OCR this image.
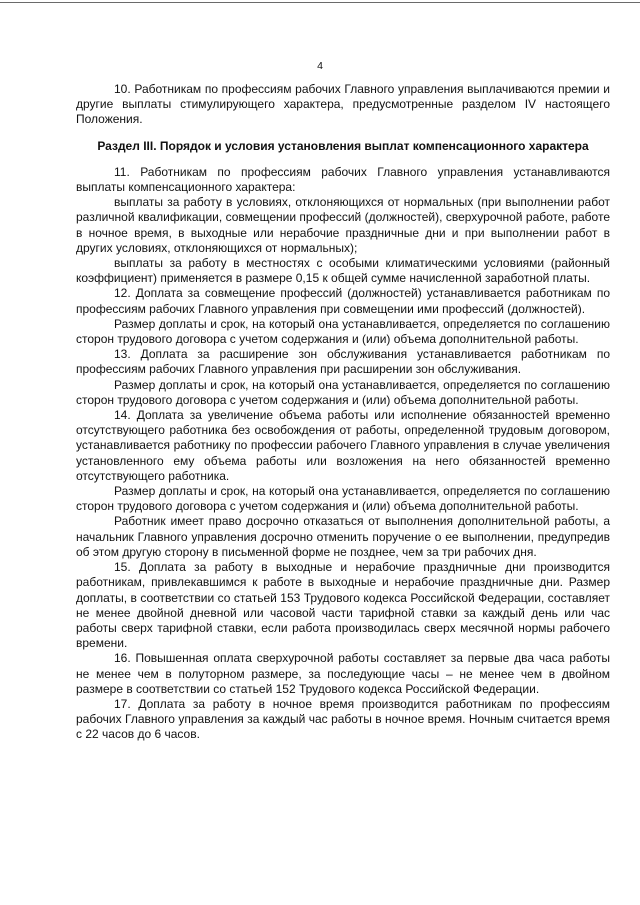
4

10. Работникам по профессиям рабочих Главного управления выплачиваются премии и другие выплаты стимулирующего характера, предусмотренные разделом IV настоящего Положения.

Раздел III. Порядок и условия установления выплат компенсационного характера

11. Работникам по профессиям рабочих Главного управления устанавливаются выплаты компенсационного характера:

выплаты за работу в условиях, отклоняющихся от нормальных (при выполнении работ различной квалификации, совмещении профессий (должностей), сверхурочной работе, работе в ночное время, в выходные или нерабочие праздничные дни и при выполнении работ в других условиях, отклоняющихся от нормальных);

выплаты за работу в местностях с особыми климатическими условиями (районный коэффициент) применяется в размере 0,15 к общей сумме начисленной заработной платы.

12. Доплата за совмещение профессий (должностей) устанавливается работникам по профессиям рабочих Главного управления при совмещении ими профессий (должностей).

Размер доплаты и срок, на который она устанавливается, определяется по соглашению сторон трудового договора с учетом содержания и (или) объема дополнительной работы.

13. Доплата за расширение зон обслуживания устанавливается работникам по профессиям рабочих Главного управления при расширении зон обслуживания.

Размер доплаты и срок, на который она устанавливается, определяется по соглашению сторон трудового договора с учетом содержания и (или) объема дополнительной работы.

14. Доплата за увеличение объема работы или исполнение обязанностей временно отсутствующего работника без освобождения от работы, определенной трудовым договором, устанавливается работнику по профессии рабочего Главного управления в случае увеличения установленного ему объема работы или возложения на него обязанностей временно отсутствующего работника.

Размер доплаты и срок, на который она устанавливается, определяется по соглашению сторон трудового договора с учетом содержания и (или) объема дополнительной работы.

Работник имеет право досрочно отказаться от выполнения дополнительной работы, а начальник Главного управления досрочно отменить поручение о ее выполнении, предупредив об этом другую сторону в письменной форме не позднее, чем за три рабочих дня.

15. Доплата за работу в выходные и нерабочие праздничные дни производится работникам, привлекавшимся к работе в выходные и нерабочие праздничные дни. Размер доплаты, в соответствии со статьей 153 Трудового кодекса Российской Федерации, составляет не менее двойной дневной или часовой части тарифной ставки за каждый день или час работы сверх тарифной ставки, если работа производилась сверх месячной нормы рабочего времени.

16. Повышенная оплата сверхурочной работы составляет за первые два часа работы не менее чем в полуторном размере, за последующие часы – не менее чем в двойном размере в соответствии со статьей 152 Трудового кодекса Российской Федерации.

17. Доплата за работу в ночное время производится работникам по профессиям рабочих Главного управления за каждый час работы в ночное время. Ночным считается время с 22 часов до 6 часов.
